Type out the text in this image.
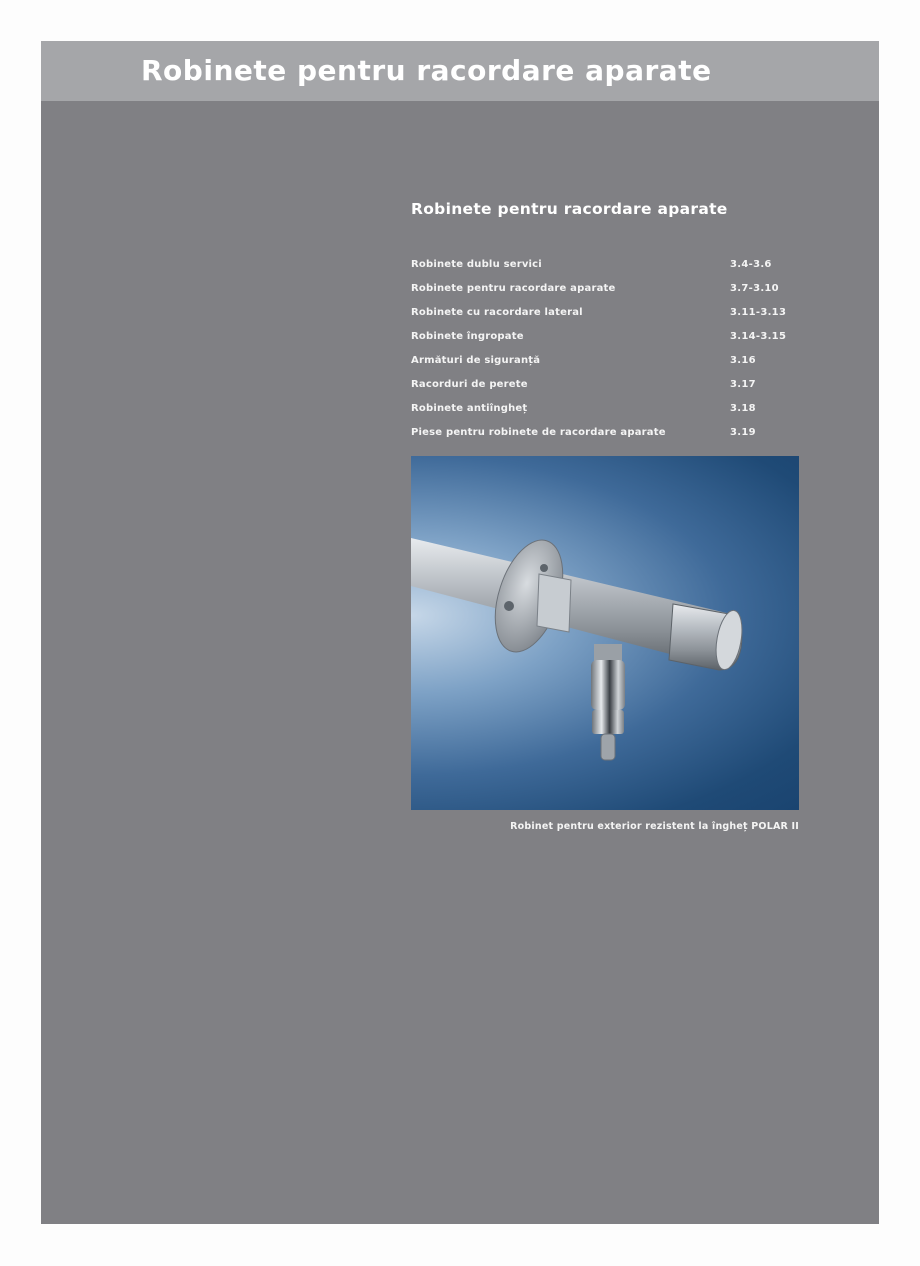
Robinete pentru racordare aparate
Robinete pentru racordare aparate
Robinete dublu servici	3.4-3.6
Robinete pentru racordare aparate	3.7-3.10
Robinete cu racordare lateral	3.11-3.13
Robinete îngropate	3.14-3.15
Armături de siguranță	3.16
Racorduri de perete	3.17
Robinete antiîngheț	3.18
Piese pentru robinete de racordare aparate	3.19
Robinet pentru exterior rezistent la îngheț POLAR II
